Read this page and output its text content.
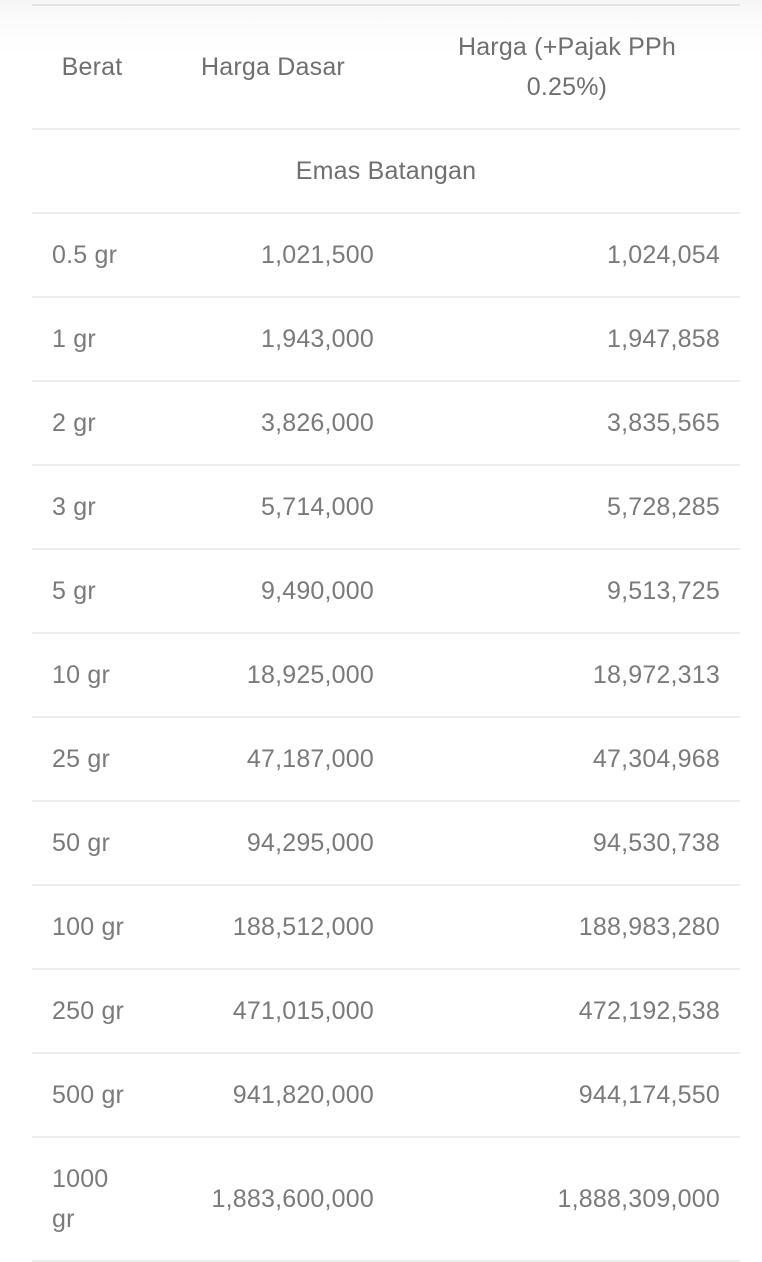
Berat	Harga Dasar	Harga (+Pajak PPh 0.25%)
Emas Batangan		
0.5 gr	1,021,500	1,024,054
1 gr	1,943,000	1,947,858
2 gr	3,826,000	3,835,565
3 gr	5,714,000	5,728,285
5 gr	9,490,000	9,513,725
10 gr	18,925,000	18,972,313
25 gr	47,187,000	47,304,968
50 gr	94,295,000	94,530,738
100 gr	188,512,000	188,983,280
250 gr	471,015,000	472,192,538
500 gr	941,820,000	944,174,550
1000 gr	1,883,600,000	1,888,309,000
